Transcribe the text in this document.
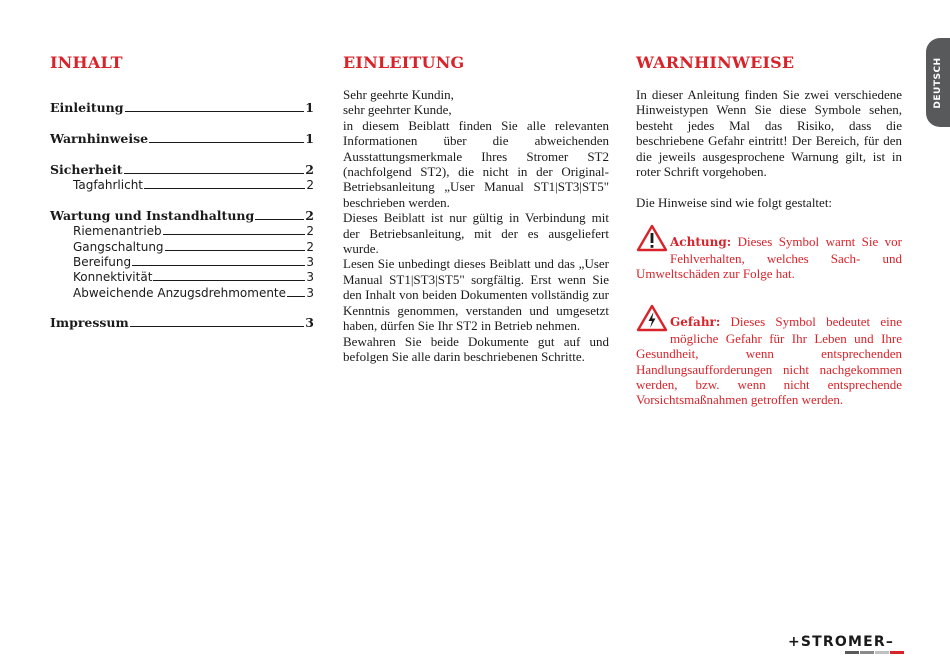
DEUTSCH
INHALT
Einleitung	1
Warnhinweise	1
Sicherheit	2
Tagfahrlicht	2
Wartung und Instandhaltung	2
Riemenantrieb	2
Gangschaltung	2
Bereifung	3
Konnektivität	3
Abweichende Anzugsdrehmomente 3
Impressum	3
EINLEITUNG

Sehr geehrte Kundin,

sehr geehrter Kunde,

in diesem Beiblatt finden Sie alle relevanten Informationen über die abweichenden Ausstattungsmerkmale Ihres Stromer ST2 (nachfolgend ST2), die nicht in der Original-Betriebsanleitung „User Manual ST1|ST3|ST5" beschrieben werden.

Dieses Beiblatt ist nur gültig in Verbindung mit der Betriebsanleitung, mit der es ausgeliefert wurde.

Lesen Sie unbedingt dieses Beiblatt und das „User Manual ST1|ST3|ST5" sorgfältig. Erst wenn Sie den Inhalt von beiden Dokumenten vollständig zur Kenntnis genommen, verstanden und umgesetzt haben, dürfen Sie Ihr ST2 in Betrieb nehmen.

Bewahren Sie beide Dokumente gut auf und befolgen Sie alle darin beschriebenen Schritte.

WARNHINWEISE

In dieser Anleitung finden Sie zwei verschiedene Hinweistypen Wenn Sie diese Symbole sehen, besteht jedes Mal das Risiko, dass die beschriebene Gefahr eintritt! Der Bereich, für den die jeweils ausgesprochene Warnung gilt, ist in roter Schrift vorgehoben.

Die Hinweise sind wie folgt gestaltet:

Achtung: Dieses Symbol warnt Sie vor Fehlverhalten, welches Sach- und Umweltschäden zur Folge hat.
Gefahr: Dieses Symbol bedeutet eine mögliche Gefahr für Ihr Leben und Ihre Gesundheit, wenn entsprechenden Handlungsaufforderungen nicht nachgekommen werden, bzw. wenn nicht entsprechende Vorsichtsmaßnahmen getroffen werden.
+STROMER–
